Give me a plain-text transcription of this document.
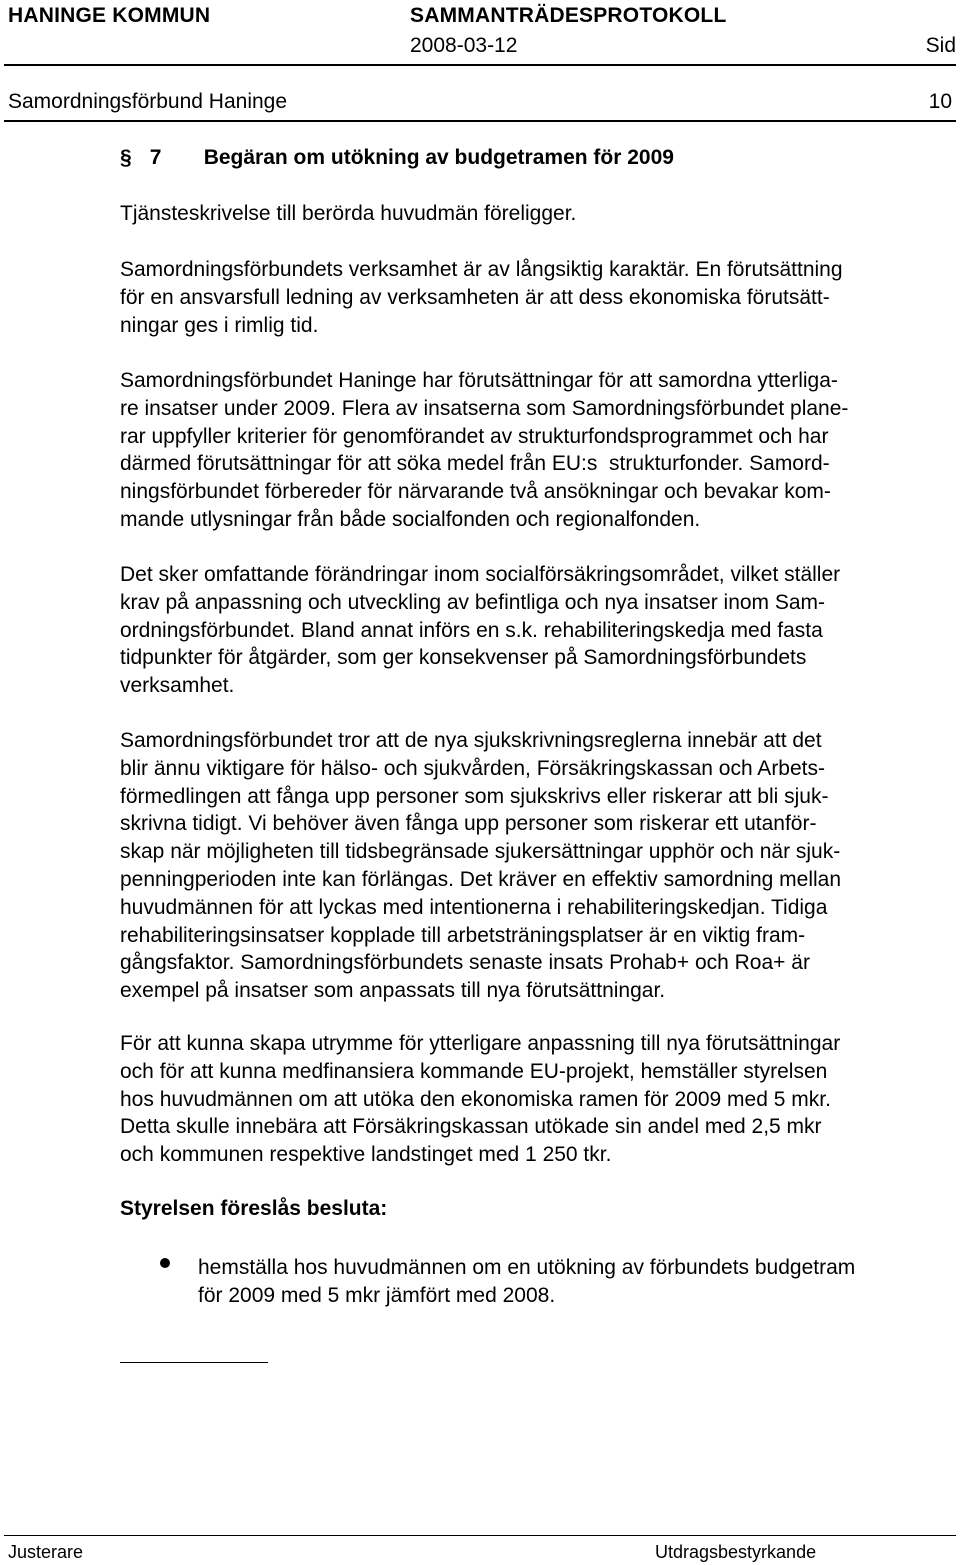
HANINGE KOMMUN	SAMMANTRÄDESPROTOKOLL
2008-03-12	Sid
Samordningsförbund Haninge	10
§ 7 Begäran om utökning av budgetramen för 2009

Tjänsteskrivelse till berörda huvudmän föreligger.

Samordningsförbundets verksamhet är av långsiktig karaktär. En förutsättning
för en ansvarsfull ledning av verksamheten är att dess ekonomiska förutsätt-
ningar ges i rimlig tid.

Samordningsförbundet Haninge har förutsättningar för att samordna ytterliga-
re insatser under 2009. Flera av insatserna som Samordningsförbundet plane-
rar uppfyller kriterier för genomförandet av strukturfondsprogrammet och har
därmed förutsättningar för att söka medel från EU:s  strukturfonder. Samord-
ningsförbundet förbereder för närvarande två ansökningar och bevakar kom-
mande utlysningar från både socialfonden och regionalfonden.

Det sker omfattande förändringar inom socialförsäkringsområdet, vilket ställer
krav på anpassning och utveckling av befintliga och nya insatser inom Sam-
ordningsförbundet. Bland annat införs en s.k. rehabiliteringskedja med fasta
tidpunkter för åtgärder, som ger konsekvenser på Samordningsförbundets
verksamhet.

Samordningsförbundet tror att de nya sjukskrivningsreglerna innebär att det
blir ännu viktigare för hälso- och sjukvården, Försäkringskassan och Arbets-
förmedlingen att fånga upp personer som sjukskrivs eller riskerar att bli sjuk-
skrivna tidigt. Vi behöver även fånga upp personer som riskerar ett utanför-
skap när möjligheten till tidsbegränsade sjukersättningar upphör och när sjuk-
penningperioden inte kan förlängas. Det kräver en effektiv samordning mellan
huvudmännen för att lyckas med intentionerna i rehabiliteringskedjan. Tidiga
rehabiliteringsinsatser kopplade till arbetsträningsplatser är en viktig fram-
gångsfaktor. Samordningsförbundets senaste insats Prohab+ och Roa+ är
exempel på insatser som anpassats till nya förutsättningar.

För att kunna skapa utrymme för ytterligare anpassning till nya förutsättningar
och för att kunna medfinansiera kommande EU-projekt, hemställer styrelsen
hos huvudmännen om att utöka den ekonomiska ramen för 2009 med 5 mkr.
Detta skulle innebära att Försäkringskassan utökade sin andel med 2,5 mkr
och kommunen respektive landstinget med 1 250 tkr.

Styrelsen föreslås besluta:

hemställa hos huvudmännen om en utökning av förbundets budgetram
för 2009 med 5 mkr jämfört med 2008.

Justerare	Utdragsbestyrkande
